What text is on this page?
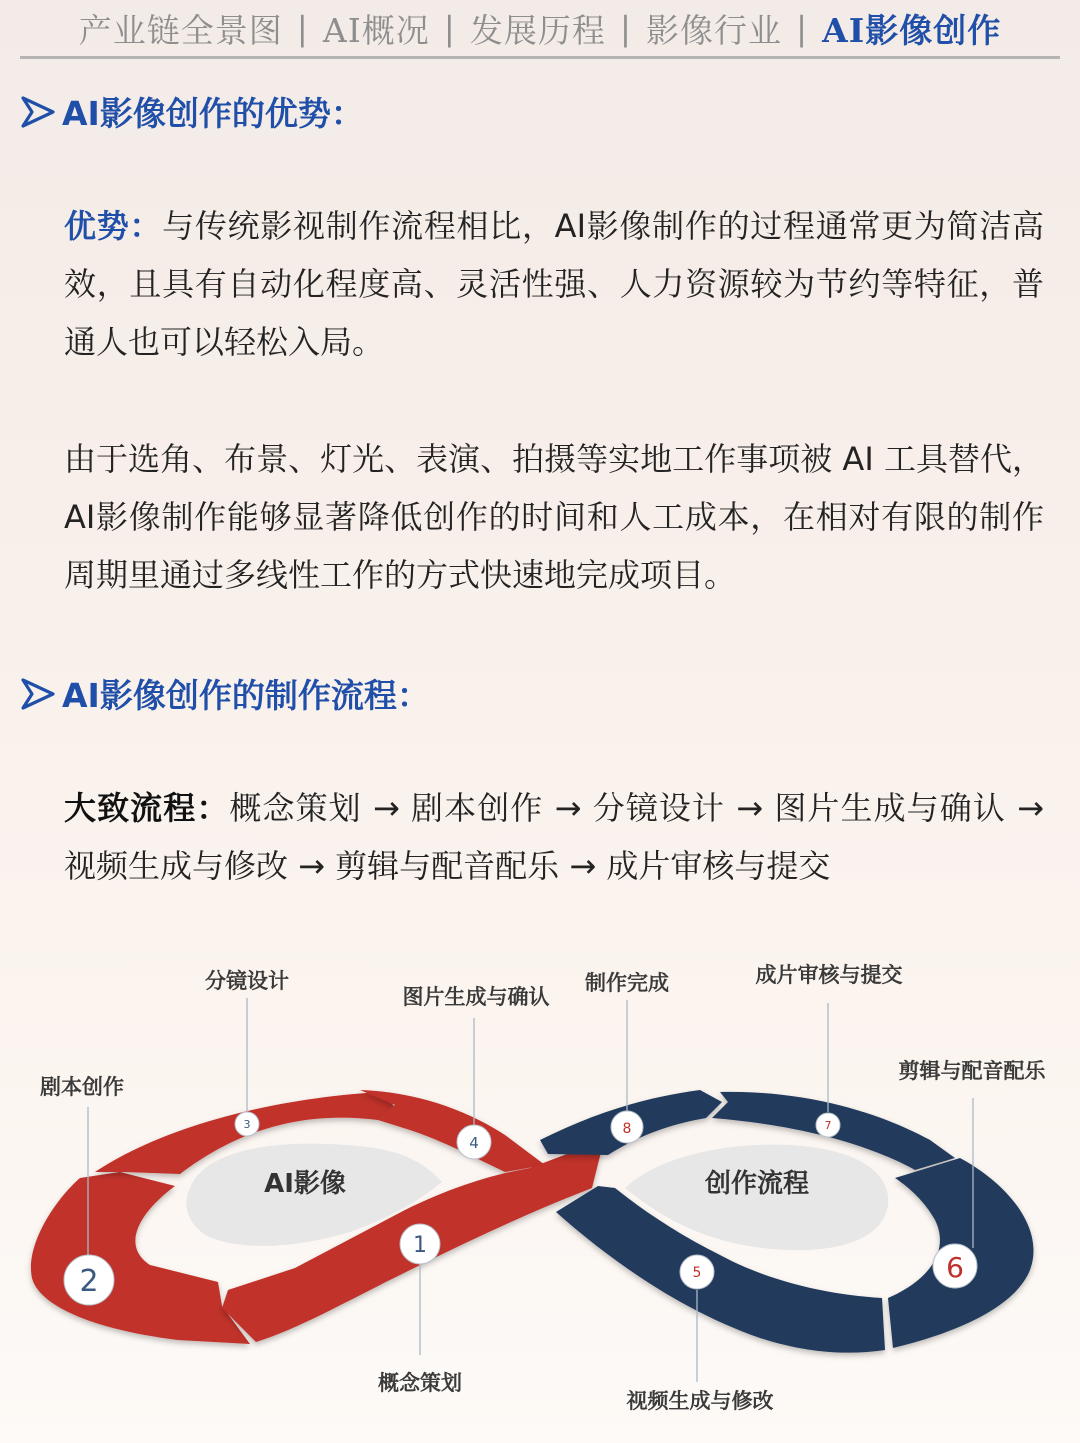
产业链全景图 | AI概况 | 发展历程 | 影像行业 | AI影像创作
AI影像创作的优势：
优势：与传统影视制作流程相比，AI影像制作的过程通常更为简洁高效，且具有自动化程度高、灵活性强、人力资源较为节约等特征，普通人也可以轻松入局。
由于选角、布景、灯光、表演、拍摄等实地工作事项被 AI 工具替代，AI影像制作能够显著降低创作的时间和人工成本，在相对有限的制作周期里通过多线性工作的方式快速地完成项目。
AI影像创作的制作流程：
大致流程：概念策划 → 剧本创作 → 分镜设计 → 图片生成与确认 → 视频生成与修改 → 剪辑与配音配乐 → 成片审核与提交
AI影像	创作流程
1
2
3
4
5	6
7
8
概念策划
剧本创作
分镜设计
图片生成与确认
视频生成与修改
剪辑与配音配乐
成片审核与提交
制作完成
